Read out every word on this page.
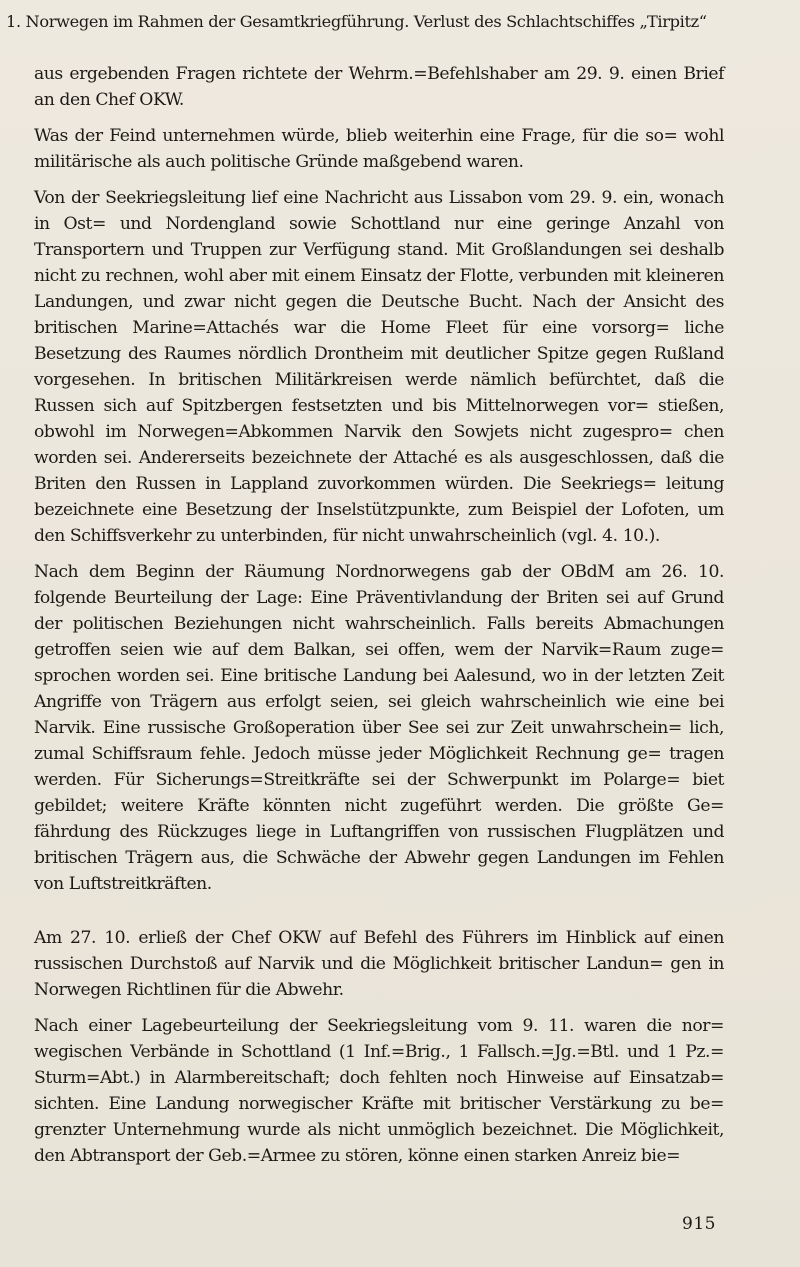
1. Norwegen im Rahmen der Gesamtkriegführung. Verlust des Schlachtschiffes „Tirpitz“

aus ergebenden Fragen richtete der Wehrm.=Befehlshaber am 29. 9. einen Brief an den Chef OKW.

Was der Feind unternehmen würde, blieb weiterhin eine Frage, für die so= wohl militärische als auch politische Gründe maßgebend waren.

Von der Seekriegsleitung lief eine Nachricht aus Lissabon vom 29. 9. ein, wonach in Ost= und Nordengland sowie Schottland nur eine geringe Anzahl von Transportern und Truppen zur Verfügung stand. Mit Großlandungen sei deshalb nicht zu rechnen, wohl aber mit einem Einsatz der Flotte, verbunden mit kleineren Landungen, und zwar nicht gegen die Deutsche Bucht. Nach der Ansicht des britischen Marine=Attachés war die Home Fleet für eine vorsorg= liche Besetzung des Raumes nördlich Drontheim mit deutlicher Spitze gegen Rußland vorgesehen. In britischen Militärkreisen werde nämlich befürchtet, daß die Russen sich auf Spitzbergen festsetzten und bis Mittelnorwegen vor= stießen, obwohl im Norwegen=Abkommen Narvik den Sowjets nicht zugespro= chen worden sei. Andererseits bezeichnete der Attaché es als ausgeschlossen, daß die Briten den Russen in Lappland zuvorkommen würden. Die Seekriegs= leitung bezeichnete eine Besetzung der Inselstützpunkte, zum Beispiel der Lofoten, um den Schiffsverkehr zu unterbinden, für nicht unwahrscheinlich (vgl. 4. 10.).

Nach dem Beginn der Räumung Nordnorwegens gab der OBdM am 26. 10. folgende Beurteilung der Lage: Eine Präventivlandung der Briten sei auf Grund der politischen Beziehungen nicht wahrscheinlich. Falls bereits Abmachungen getroffen seien wie auf dem Balkan, sei offen, wem der Narvik=Raum zuge= sprochen worden sei. Eine britische Landung bei Aalesund, wo in der letzten Zeit Angriffe von Trägern aus erfolgt seien, sei gleich wahrscheinlich wie eine bei Narvik. Eine russische Großoperation über See sei zur Zeit unwahrschein= lich, zumal Schiffsraum fehle. Jedoch müsse jeder Möglichkeit Rechnung ge= tragen werden. Für Sicherungs=Streitkräfte sei der Schwerpunkt im Polarge= biet gebildet; weitere Kräfte könnten nicht zugeführt werden. Die größte Ge= fährdung des Rückzuges liege in Luftangriffen von russischen Flugplätzen und britischen Trägern aus, die Schwäche der Abwehr gegen Landungen im Fehlen von Luftstreitkräften.

Am 27. 10. erließ der Chef OKW auf Befehl des Führers im Hinblick auf einen russischen Durchstoß auf Narvik und die Möglichkeit britischer Landun= gen in Norwegen Richtlinen für die Abwehr.

Nach einer Lagebeurteilung der Seekriegsleitung vom 9. 11. waren die nor= wegischen Verbände in Schottland (1 Inf.=Brig., 1 Fallsch.=Jg.=Btl. und 1 Pz.= Sturm=Abt.) in Alarmbereitschaft; doch fehlten noch Hinweise auf Einsatzab= sichten. Eine Landung norwegischer Kräfte mit britischer Verstärkung zu be= grenzter Unternehmung wurde als nicht unmöglich bezeichnet. Die Möglichkeit, den Abtransport der Geb.=Armee zu stören, könne einen starken Anreiz bie=

915
